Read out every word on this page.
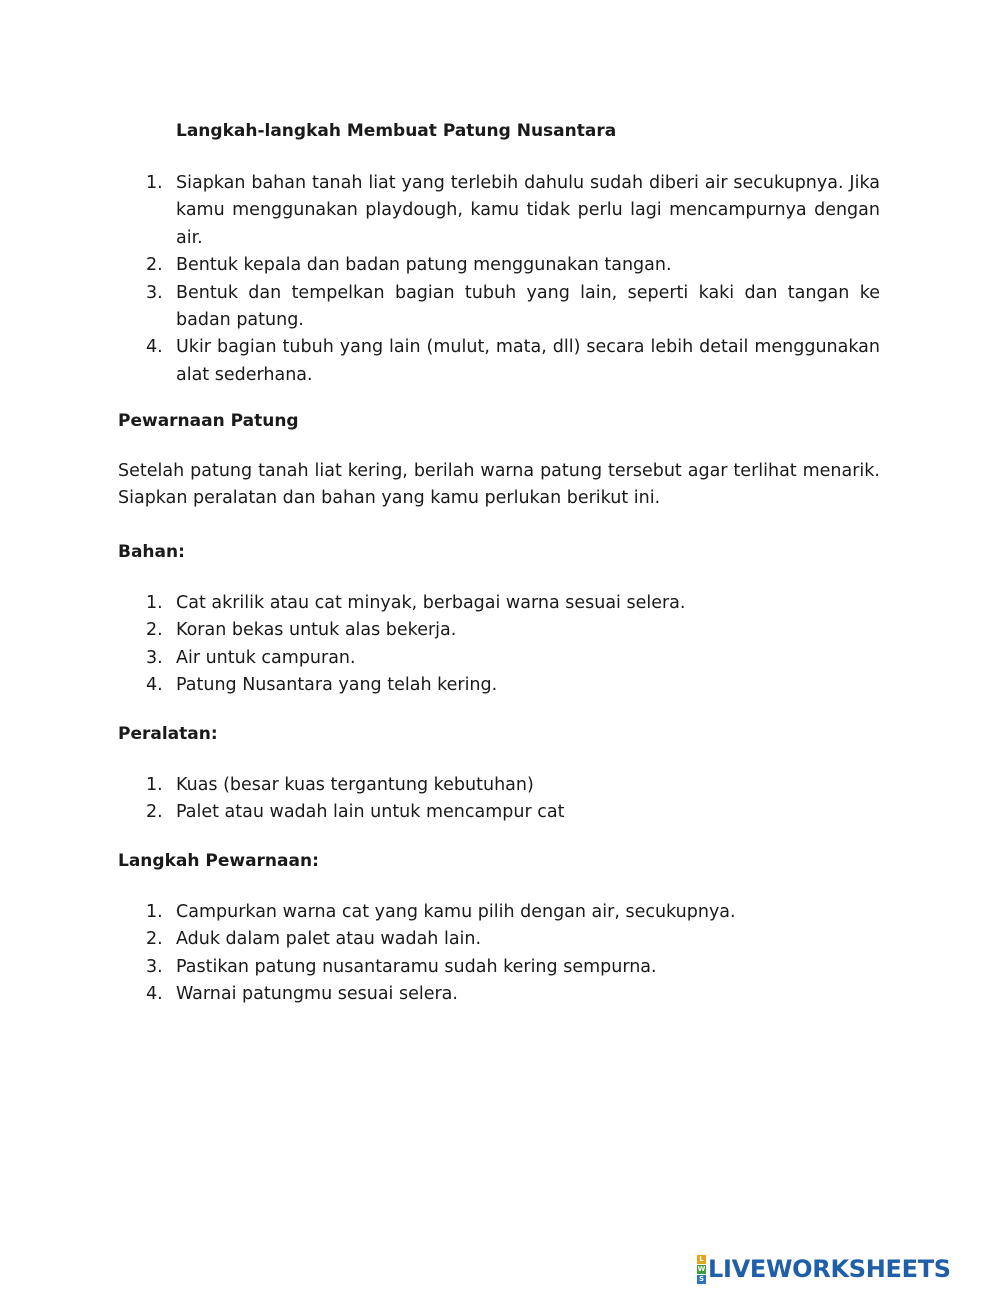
Langkah-langkah Membuat Patung Nusantara

1. Siapkan bahan tanah liat yang terlebih dahulu sudah diberi air secukupnya. Jika kamu menggunakan playdough, kamu tidak perlu lagi mencampurnya dengan air.
2. Bentuk kepala dan badan patung menggunakan tangan.
3. Bentuk dan tempelkan bagian tubuh yang lain, seperti kaki dan tangan ke badan patung.
4. Ukir bagian tubuh yang lain (mulut, mata, dll) secara lebih detail menggunakan alat sederhana.

Pewarnaan Patung

Setelah patung tanah liat kering, berilah warna patung tersebut agar terlihat menarik. Siapkan peralatan dan bahan yang kamu perlukan berikut ini.

Bahan:

1. Cat akrilik atau cat minyak, berbagai warna sesuai selera.
2. Koran bekas untuk alas bekerja.
3. Air untuk campuran.
4. Patung Nusantara yang telah kering.

Peralatan:

1. Kuas (besar kuas tergantung kebutuhan)
2. Palet atau wadah lain untuk mencampur cat

Langkah Pewarnaan:

1. Campurkan warna cat yang kamu pilih dengan air, secukupnya.
2. Aduk dalam palet atau wadah lain.
3. Pastikan patung nusantaramu sudah kering sempurna.
4. Warnai patungmu sesuai selera.
L
W
S LIVEWORKSHEETS
